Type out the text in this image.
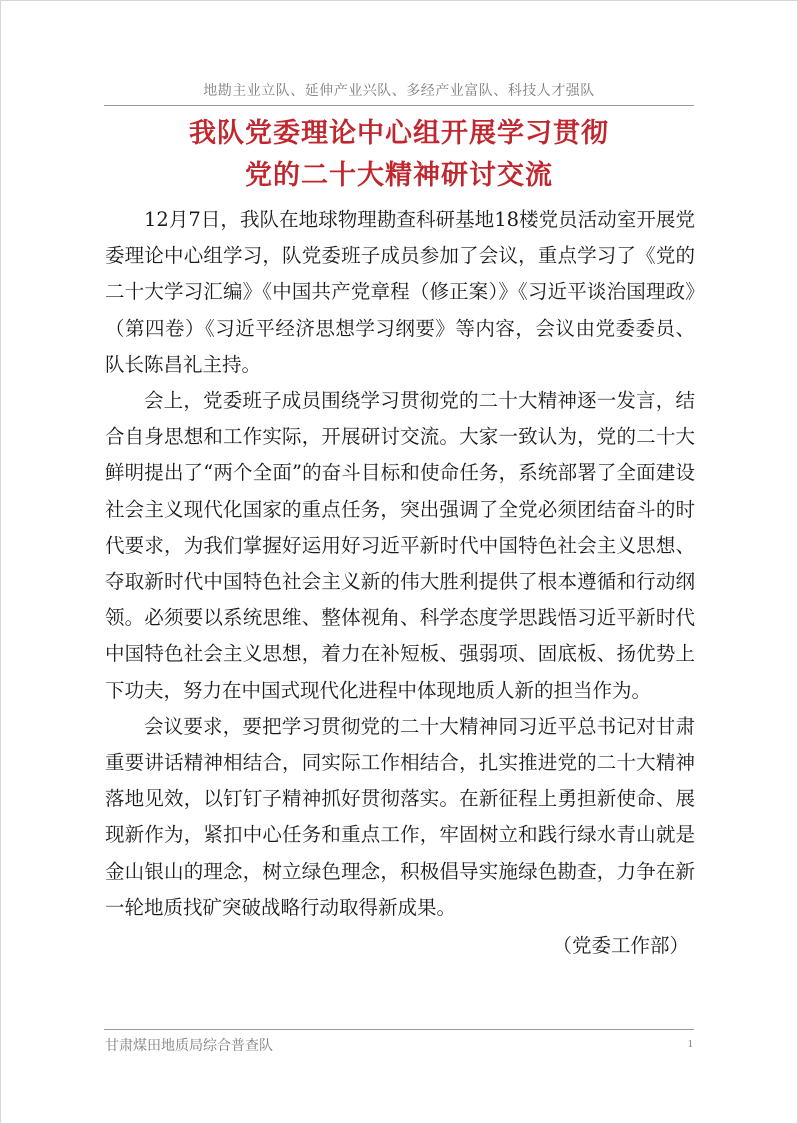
地勘主业立队、延伸产业兴队、多经产业富队、科技人才强队
我队党委理论中心组开展学习贯彻
党的二十大精神研讨交流

12月7日，我队在地球物理勘查科研基地18楼党员活动室开展党委理论中心组学习，队党委班子成员参加了会议，重点学习了《党的二十大学习汇编》《中国共产党章程（修正案）》《习近平谈治国理政》（第四卷）《习近平经济思想学习纲要》等内容，会议由党委委员、队长陈昌礼主持。

会上，党委班子成员围绕学习贯彻党的二十大精神逐一发言，结合自身思想和工作实际，开展研讨交流。大家一致认为，党的二十大鲜明提出了“两个全面”的奋斗目标和使命任务，系统部署了全面建设社会主义现代化国家的重点任务，突出强调了全党必须团结奋斗的时代要求，为我们掌握好运用好习近平新时代中国特色社会主义思想、夺取新时代中国特色社会主义新的伟大胜利提供了根本遵循和行动纲领。必须要以系统思维、整体视角、科学态度学思践悟习近平新时代中国特色社会主义思想，着力在补短板、强弱项、固底板、扬优势上下功夫，努力在中国式现代化进程中体现地质人新的担当作为。

会议要求，要把学习贯彻党的二十大精神同习近平总书记对甘肃重要讲话精神相结合，同实际工作相结合，扎实推进党的二十大精神落地见效，以钉钉子精神抓好贯彻落实。在新征程上勇担新使命、展现新作为，紧扣中心任务和重点工作，牢固树立和践行绿水青山就是金山银山的理念，树立绿色理念，积极倡导实施绿色勘查，力争在新一轮地质找矿突破战略行动取得新成果。

（党委工作部）

甘肃煤田地质局综合普查队	1
